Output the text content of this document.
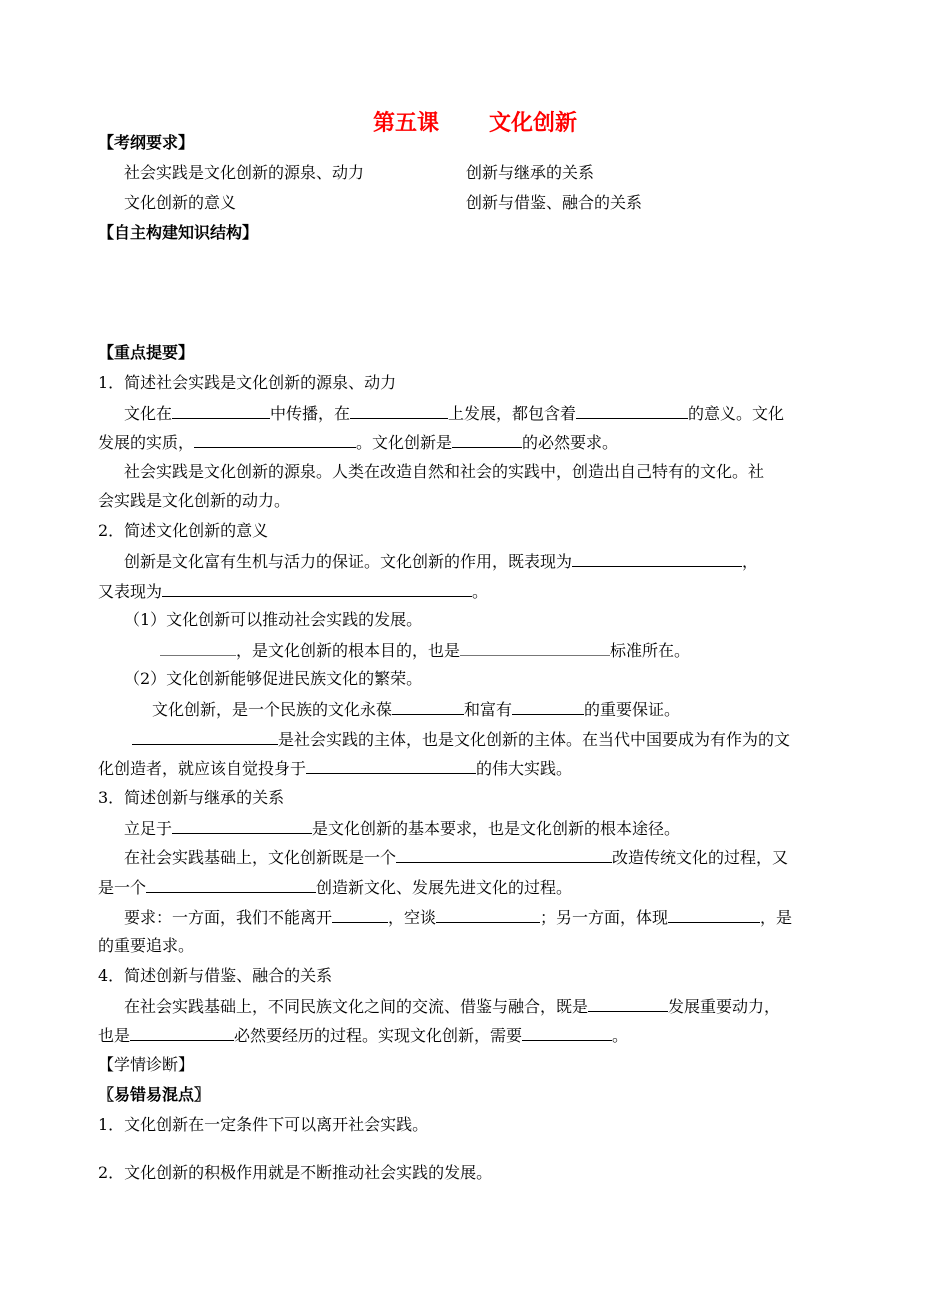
第五课 文化创新
【考纲要求】
社会实践是文化创新的源泉、动力	创新与继承的关系
文化创新的意义	创新与借鉴、融合的关系
【自主构建知识结构】
【重点提要】
1．简述社会实践是文化创新的源泉、动力
文化在	中传播，在	上发展，都包含着	的意义。文化
发展的实质，	。文化创新是	的必然要求。
社会实践是文化创新的源泉。人类在改造自然和社会的实践中，创造出自己特有的文化。社
会实践是文化创新的动力。
2．简述文化创新的意义
创新是文化富有生机与活力的保证。文化创新的作用，既表现为	，
又表现为	。
（1）文化创新可以推动社会实践的发展。
，是文化创新的根本目的，也是	标准所在。
（2）文化创新能够促进民族文化的繁荣。
文化创新，是一个民族的文化永葆	和富有	的重要保证。
是社会实践的主体，也是文化创新的主体。在当代中国要成为有作为的文
化创造者，就应该自觉投身于	的伟大实践。
3．简述创新与继承的关系
立足于	是文化创新的基本要求，也是文化创新的根本途径。
在社会实践基础上，文化创新既是一个	改造传统文化的过程，又
是一个	创造新文化、发展先进文化的过程。
要求：一方面，我们不能离开	，空谈	；另一方面，体现	，是
的重要追求。
4．简述创新与借鉴、融合的关系
在社会实践基础上，不同民族文化之间的交流、借鉴与融合，既是	发展重要动力，
也是	必然要经历的过程。实现文化创新，需要	。
【学情诊断】
〖易错易混点〗
1．文化创新在一定条件下可以离开社会实践。
2．文化创新的积极作用就是不断推动社会实践的发展。
